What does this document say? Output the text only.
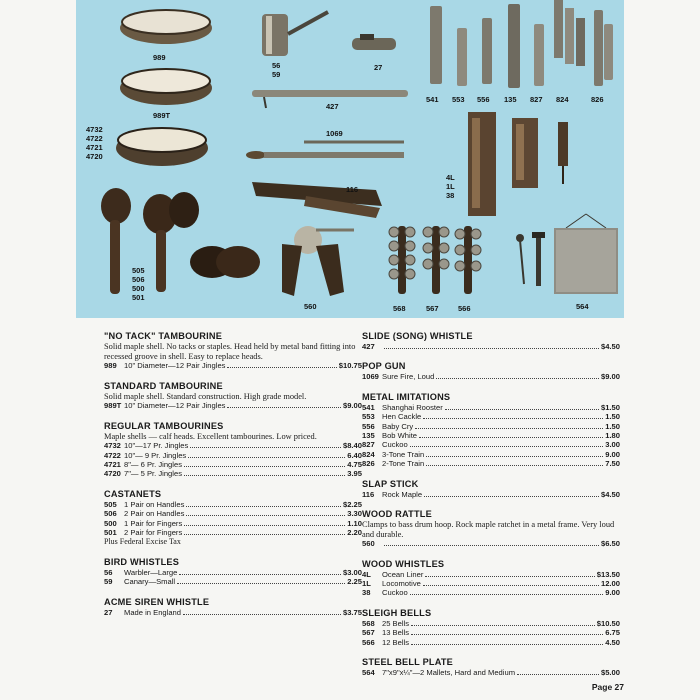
989
989T
4732
4722
4721
4720
56
59
27
427
1069
116
505
506
500
501
560
541 553 556 135 827 824	826
4L
1L
38
568	567	566	564
"NO TACK" TAMBOURINE

Solid maple shell. No tacks or staples. Head held by metal band fitting into recessed groove in shell. Easy to replace heads.

989 10" Diameter—12 Pair Jingles	$10.75
STANDARD TAMBOURINE

Solid maple shell. Standard construction. High grade model.

989T 10" Diameter—12 Pair Jingles	$9.00
REGULAR TAMBOURINES

Maple shells — calf heads. Excellent tambourines. Low priced.

4732 10"—17 Pr. Jingles	$8.40
4722 10"— 9 Pr. Jingles	6.40
4721 8"— 6 Pr. Jingles	4.75
4720 7"— 5 Pr. Jingles	3.95
CASTANETS
505 1 Pair on Handles	$2.25
506 2 Pair on Handles	3.30
500 1 Pair for Fingers	1.10
501 2 Pair for Fingers	2.20

Plus Federal Excise Tax

BIRD WHISTLES
56	Warbler—Large	$3.00
59	Canary—Small	2.25
ACME SIREN WHISTLE
27	Made in England	$3.75
SLIDE (SONG) WHISTLE
427	$4.50
POP GUN
1069 Sure Fire, Loud	$9.00
METAL IMITATIONS
541 Shanghai Rooster	$1.50
553 Hen Cackle	1.50
556 Baby Cry	1.50
135 Bob White	1.80
827 Cuckoo	3.00
824 3-Tone Train	9.00
826 2-Tone Train	7.50
SLAP STICK
116	Rock Maple	$4.50
WOOD RATTLE

Clamps to bass drum hoop. Rock maple ratchet in a metal frame. Very loud and durable.

560	$6.50
WOOD WHISTLES
4L	Ocean Liner	$13.50
1L	Locomotive	12.00
38	Cuckoo	9.00
SLEIGH BELLS
568 25 Bells	$10.50
567 13 Bells	6.75
566 12 Bells	4.50
STEEL BELL PLATE
564 7"x9"x¼"—2 Mallets, Hard and Medium	$5.00
Page 27
